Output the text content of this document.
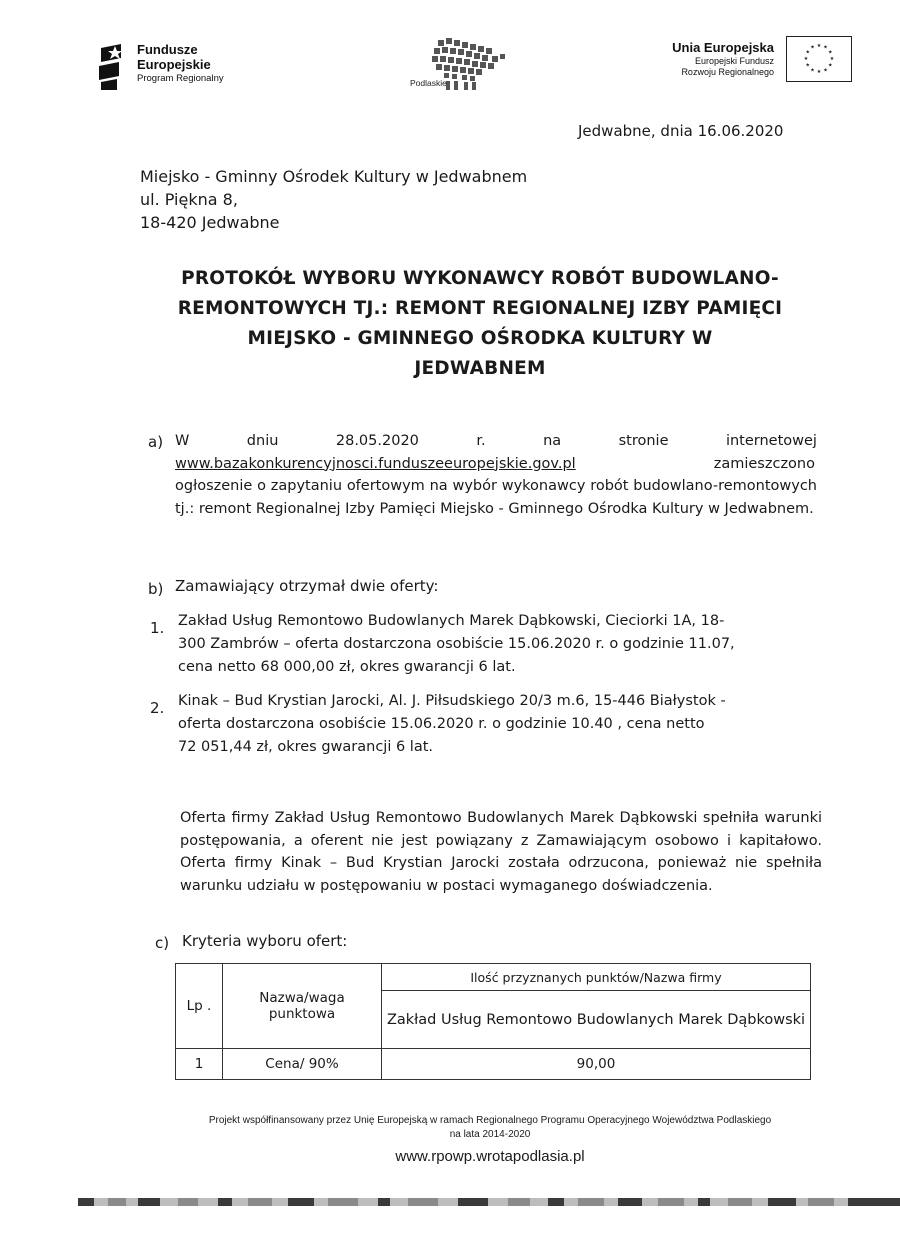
Fundusze
Europejskie
Program Regionalny	Podlaskie
Unia Europejska
Europejski Fundusz
Rozwoju Regionalnego
★ ★
★
★
★
★
★
★
★
★
★
★
Jedwabne, dnia 16.06.2020
Miejsko - Gminny Ośrodek Kultury w Jedwabnem
ul. Piękna 8,
18-420 Jedwabne
PROTOKÓŁ WYBORU WYKONAWCY ROBÓT BUDOWLANO-
REMONTOWYCH TJ.: REMONT REGIONALNEJ IZBY PAMIĘCI
MIEJSKO - GMINNEGO OŚRODKA KULTURY W
JEDWABNEM
a) W	dniu	28.05.2020	r.	na	stronie	internetowej
www.bazakonkurencyjnosci.funduszeeuropejskie.gov.pl	zamieszczono
ogłoszenie o zapytaniu ofertowym na wybór wykonawcy robót budowlano-remontowych tj.: remont Regionalnej Izby Pamięci Miejsko - Gminnego Ośrodka Kultury w Jedwabnem.
b) Zamawiający otrzymał dwie oferty:
1. Zakład Usług Remontowo Budowlanych Marek Dąbkowski, Cieciorki 1A, 18-
300 Zambrów – oferta dostarczona osobiście 15.06.2020 r. o godzinie 11.07,
cena netto 68 000,00 zł, okres gwarancji 6 lat.
2. Kinak – Bud Krystian Jarocki, Al. J. Piłsudskiego 20/3 m.6, 15-446 Białystok -
oferta dostarczona osobiście 15.06.2020 r. o godzinie 10.40 , cena netto
72 051,44 zł, okres gwarancji 6 lat.
Oferta firmy Zakład Usług Remontowo Budowlanych Marek Dąbkowski spełniła warunki postępowania, a oferent nie jest powiązany z Zamawiającym osobowo i kapitałowo. Oferta firmy Kinak – Bud Krystian Jarocki została odrzucona, ponieważ nie spełniła warunku udziału w postępowaniu w postaci wymaganego doświadczenia.
c) Kryteria wyboru ofert:
Lp .	Nazwa/waga punktowa	Ilość przyznanych punktów/Nazwa firmy
		Zakład Usług Remontowo Budowlanych Marek Dąbkowski
1	Cena/ 90%	90,00
Projekt współfinansowany przez Unię Europejską w ramach Regionalnego Programu Operacyjnego Województwa Podlaskiego
na lata 2014-2020
www.rpowp.wrotapodlasia.pl
